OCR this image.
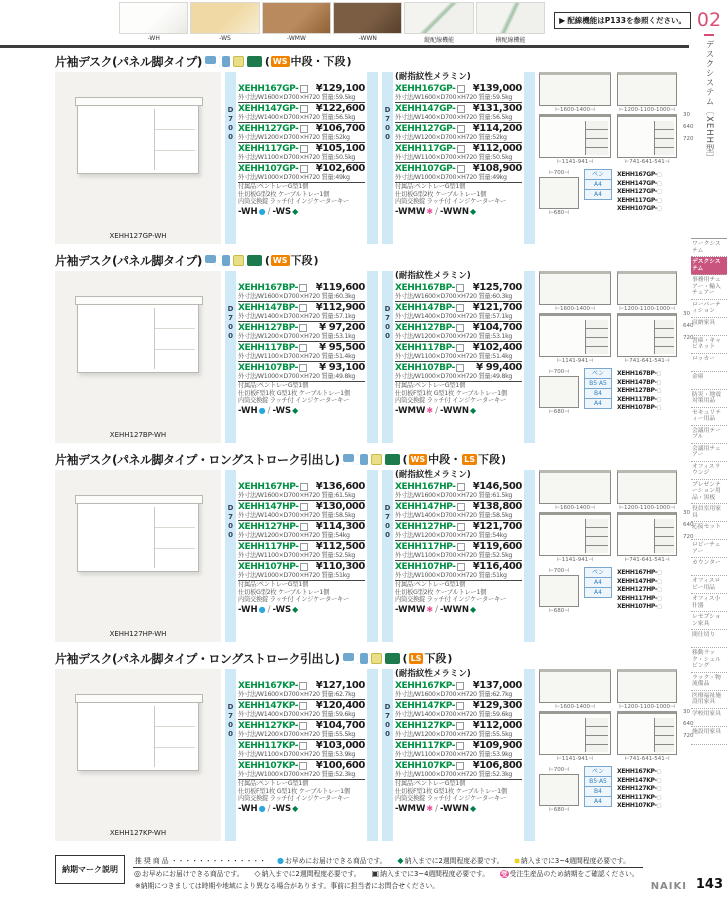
-WH	-WS	-WMW	-WWN	縦配線機能	横配線機能
▶ 配線機能はP133を参照ください。
片袖デスク(パネル脚タイプ)	( WS 中段・下段 )
XEHH127GP-WH
D700
XEHH167GP- ¥129,100
外寸法/W1600×D700×H720 質量:59.5kg
XEHH147GP- ¥122,600
外寸法/W1400×D700×H720 質量:56.5kg
XEHH127GP- ¥106,700
外寸法/W1200×D700×H720 質量:52kg
XEHH117GP- ¥105,100
外寸法/W1100×D700×H720 質量:50.5kg
XEHH107GP- ¥102,600
外寸法/W1000×D700×H720 質量:49kg
付属品:ペントレーG型1個
仕切板G型2枚 ケーブルトレー1個
内筒交換錠 ラッチ付 インジケーターキー
-WH ● / -WS◆
D700
(耐指紋性メラミン)
XEHH167GP- ¥139,000
外寸法/W1600×D700×H720 質量:59.5kg
XEHH147GP- ¥131,300
外寸法/W1400×D700×H720 質量:56.5kg
XEHH127GP- ¥114,200
外寸法/W1200×D700×H720 質量:52kg
XEHH117GP- ¥112,000
外寸法/W1100×D700×H720 質量:50.5kg
XEHH107GP- ¥108,900
外寸法/W1000×D700×H720 質量:49kg
付属品:ペントレーG型1個
仕切板G型2枚 ケーブルトレー1個
内筒交換錠 ラッチ付 インジケーターキー
-WMW ✱ / -WWN◆
⊢ 1600-1400 ⊣
⊢ 1141-941 ⊣
⊢ 1200-1100-1000 ⊣
⊢ 741-641-541 ⊣
30
640
720
⊢ 700 ⊣
⊢ 680 ⊣
ペン
A4
A4
XEHH167GP- □
XEHH147GP- □
XEHH127GP- □
XEHH117GP- □
XEHH107GP- □
片袖デスク(パネル脚タイプ)	( WS 下段 )
XEHH127BP-WH
D700
XEHH167BP- ¥119,600
外寸法/W1600×D700×H720 質量:60.3kg
XEHH147BP- ¥112,900
外寸法/W1400×D700×H720 質量:57.1kg
XEHH127BP- ¥ 97,200
外寸法/W1200×D700×H720 質量:53.1kg
XEHH117BP- ¥ 95,500
外寸法/W1100×D700×H720 質量:51.4kg
XEHH107BP- ¥ 93,100
外寸法/W1000×D700×H720 質量:49.8kg
付属品:ペントレーG型1個
仕切板F型1枚 G型1枚 ケーブルトレー1個
内筒交換錠 ラッチ付 インジケーターキー
-WH ● / -WS◆
D700
(耐指紋性メラミン)
XEHH167BP- ¥125,700
外寸法/W1600×D700×H720 質量:60.3kg
XEHH147BP- ¥121,700
外寸法/W1400×D700×H720 質量:57.1kg
XEHH127BP- ¥104,700
外寸法/W1200×D700×H720 質量:53.1kg
XEHH117BP- ¥102,400
外寸法/W1100×D700×H720 質量:51.4kg
XEHH107BP- ¥ 99,400
外寸法/W1000×D700×H720 質量:49.8kg
付属品:ペントレーG型1個
仕切板F型1枚 G型1枚 ケーブルトレー1個
内筒交換錠 ラッチ付 インジケーターキー
-WMW ✱ / -WWN◆
⊢ 1600-1400 ⊣
⊢ 1141-941 ⊣
⊢ 1200-1100-1000 ⊣
⊢ 741-641-541 ⊣
30
640
720
⊢ 700 ⊣
⊢ 680 ⊣
ペン
B5·A5
B4
A4
XEHH167BP- □
XEHH147BP- □
XEHH127BP- □
XEHH117BP- □
XEHH107BP- □
片袖デスク(パネル脚タイプ・ロングストローク引出し)	( WS 中段・ LS 下段 )
XEHH127HP-WH
D700
XEHH167HP- ¥136,600
外寸法/W1600×D700×H720 質量:61.5kg
XEHH147HP- ¥130,000
外寸法/W1400×D700×H720 質量:58.5kg
XEHH127HP- ¥114,300
外寸法/W1200×D700×H720 質量:54kg
XEHH117HP- ¥112,500
外寸法/W1100×D700×H720 質量:52.5kg
XEHH107HP- ¥110,300
外寸法/W1000×D700×H720 質量:51kg
付属品:ペントレーG型1個
仕切板G型2枚 ケーブルトレー1個
内筒交換錠 ラッチ付 インジケーターキー
-WH ● / -WS◆
D700
(耐指紋性メラミン)
XEHH167HP- ¥146,500
外寸法/W1600×D700×H720 質量:61.5kg
XEHH147HP- ¥138,800
外寸法/W1400×D700×H720 質量:58.5kg
XEHH127HP- ¥121,700
外寸法/W1200×D700×H720 質量:54kg
XEHH117HP- ¥119,600
外寸法/W1100×D700×H720 質量:52.5kg
XEHH107HP- ¥116,400
外寸法/W1000×D700×H720 質量:51kg
付属品:ペントレーG型1個
仕切板G型2枚 ケーブルトレー1個
内筒交換錠 ラッチ付 インジケーターキー
-WMW ✱ / -WWN◆
⊢ 1600-1400 ⊣
⊢ 1141-941 ⊣
⊢ 1200-1100-1000 ⊣
⊢ 741-641-541 ⊣
30
640
720
⊢ 700 ⊣
⊢ 680 ⊣
ペン
A4
A4
XEHH167HP- □
XEHH147HP- □
XEHH127HP- □
XEHH117HP- □
XEHH107HP- □
片袖デスク(パネル脚タイプ・ロングストローク引出し)	( LS 下段 )
XEHH127KP-WH
D700
XEHH167KP- ¥127,100
外寸法/W1600×D700×H720 質量:62.7kg
XEHH147KP- ¥120,400
外寸法/W1400×D700×H720 質量:59.6kg
XEHH127KP- ¥104,700
外寸法/W1200×D700×H720 質量:55.5kg
XEHH117KP- ¥103,000
外寸法/W1100×D700×H720 質量:53.9kg
XEHH107KP- ¥100,600
外寸法/W1000×D700×H720 質量:52.3kg
付属品:ペントレーG型1個
仕切板F型1枚 G型1枚 ケーブルトレー1個
内筒交換錠 ラッチ付 インジケーターキー
-WH ● / -WS◆
D700
(耐指紋性メラミン)
XEHH167KP- ¥137,000
外寸法/W1600×D700×H720 質量:62.7kg
XEHH147KP- ¥129,300
外寸法/W1400×D700×H720 質量:59.6kg
XEHH127KP- ¥112,000
外寸法/W1200×D700×H720 質量:55.5kg
XEHH117KP- ¥109,900
外寸法/W1100×D700×H720 質量:53.9kg
XEHH107KP- ¥106,800
外寸法/W1000×D700×H720 質量:52.3kg
付属品:ペントレーG型1個
仕切板F型1枚 G型1枚 ケーブルトレー1個
内筒交換錠 ラッチ付 インジケーターキー
-WMW ✱ / -WWN◆
⊢ 1600-1400 ⊣
⊢ 1141-941 ⊣
⊢ 1200-1100-1000 ⊣
⊢ 741-641-541 ⊣
30
640
720
⊢ 700 ⊣
⊢ 680 ⊣
ペン
B5·A5
B4
A4
XEHH167KP- □
XEHH147KP- □
XEHH127KP- □
XEHH117KP- □
XEHH107KP- □
納期マーク説明
推 奨 商 品 ・・・・・・・・・・・・・・ ●	お早めにお届けできる商品です。 ◆	納入までに2週間程度必要です。 ▪	納入までに3~4週間程度必要です。
◎
お早めにお届けできる商品です。 ◇	納入までに2週間程度必要です。 ▣	納入までに3~4週間程度必要です。 受	受注生産品のため納期をご確認ください。
※納期につきましては時期や地域により異なる場合があります。事前に担当者にお問合せください。	NAIKI
02
デスクシステム〔XEHH型〕
ワークシステム
デスクシステム
事務用チェアー・輸入チェアー
ローパーティション
収納家具
書庫・キャビネット
ロッカー
金庫
防災・地震対策用品
セキュリティー用品
会議用テーブル
会議用チェアー
オフィスラウンジ
プレゼンテーション用品・黒板
役員室用家具
応接セット
ロビーチェアー
カウンター
オフィスロビー用品
オフィス小什器
レセプション家具
間仕切り
移動ラック・シェルビング
ラック・物流備品
医療福祉施設用家具
学校用家具
施設用家具
143
